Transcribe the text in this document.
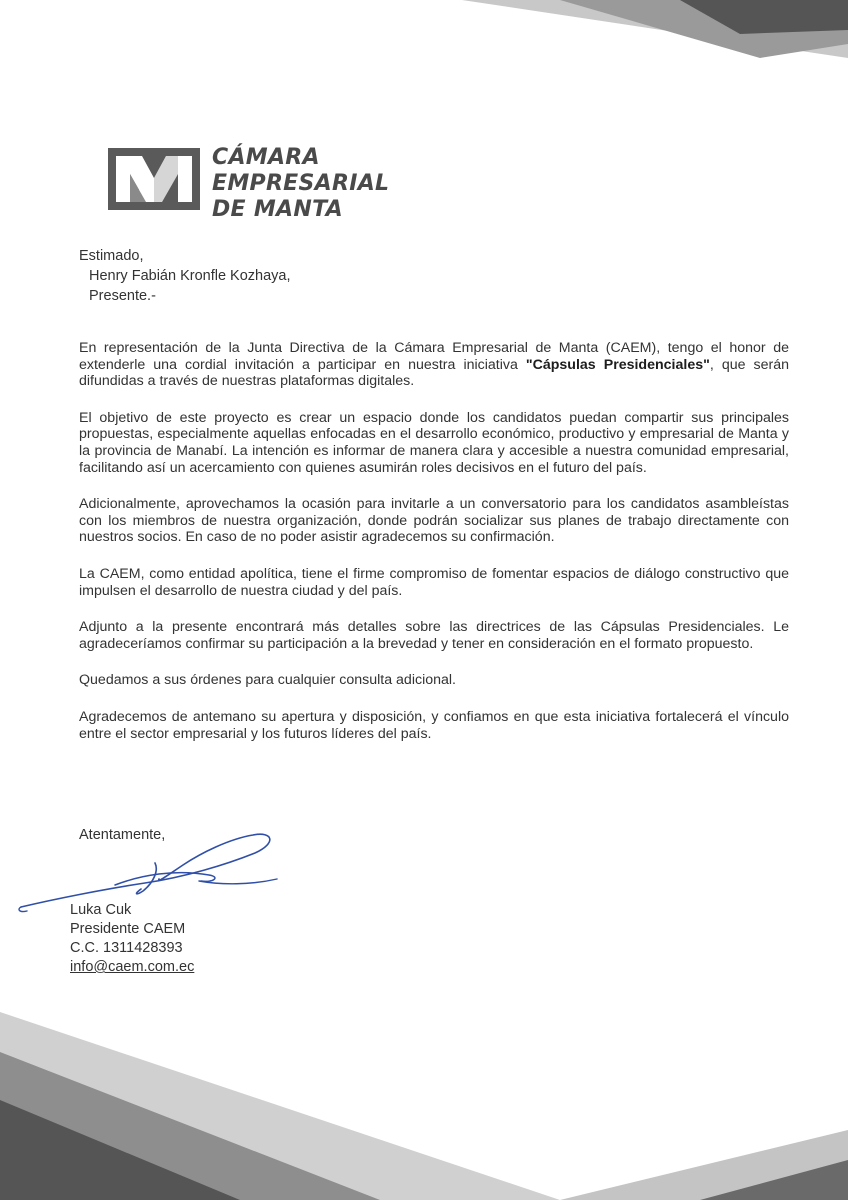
CÁMARA
EMPRESARIAL
DE MANTA
Estimado,
Henry Fabián Kronfle Kozhaya,
Presente.-

En representación de la Junta Directiva de la Cámara Empresarial de Manta (CAEM), tengo el honor de extenderle una cordial invitación a participar en nuestra iniciativa "Cápsulas Presidenciales", que serán difundidas a través de nuestras plataformas digitales.

El objetivo de este proyecto es crear un espacio donde los candidatos puedan compartir sus principales propuestas, especialmente aquellas enfocadas en el desarrollo económico, productivo y empresarial de Manta y la provincia de Manabí. La intención es informar de manera clara y accesible a nuestra comunidad empresarial, facilitando así un acercamiento con quienes asumirán roles decisivos en el futuro del país.

Adicionalmente, aprovechamos la ocasión para invitarle a un conversatorio para los candidatos asambleístas con los miembros de nuestra organización, donde podrán socializar sus planes de trabajo directamente con nuestros socios. En caso de no poder asistir agradecemos su confirmación.

La CAEM, como entidad apolítica, tiene el firme compromiso de fomentar espacios de diálogo constructivo que impulsen el desarrollo de nuestra ciudad y del país.

Adjunto a la presente encontrará más detalles sobre las directrices de las Cápsulas Presidenciales. Le agradeceríamos confirmar su participación a la brevedad y tener en consideración en el formato propuesto.

Quedamos a sus órdenes para cualquier consulta adicional.

Agradecemos de antemano su apertura y disposición, y confiamos en que esta iniciativa fortalecerá el vínculo entre el sector empresarial y los futuros líderes del país.

Atentamente,
Luka Cuk
Presidente CAEM
C.C. 1311428393
info@caem.com.ec
